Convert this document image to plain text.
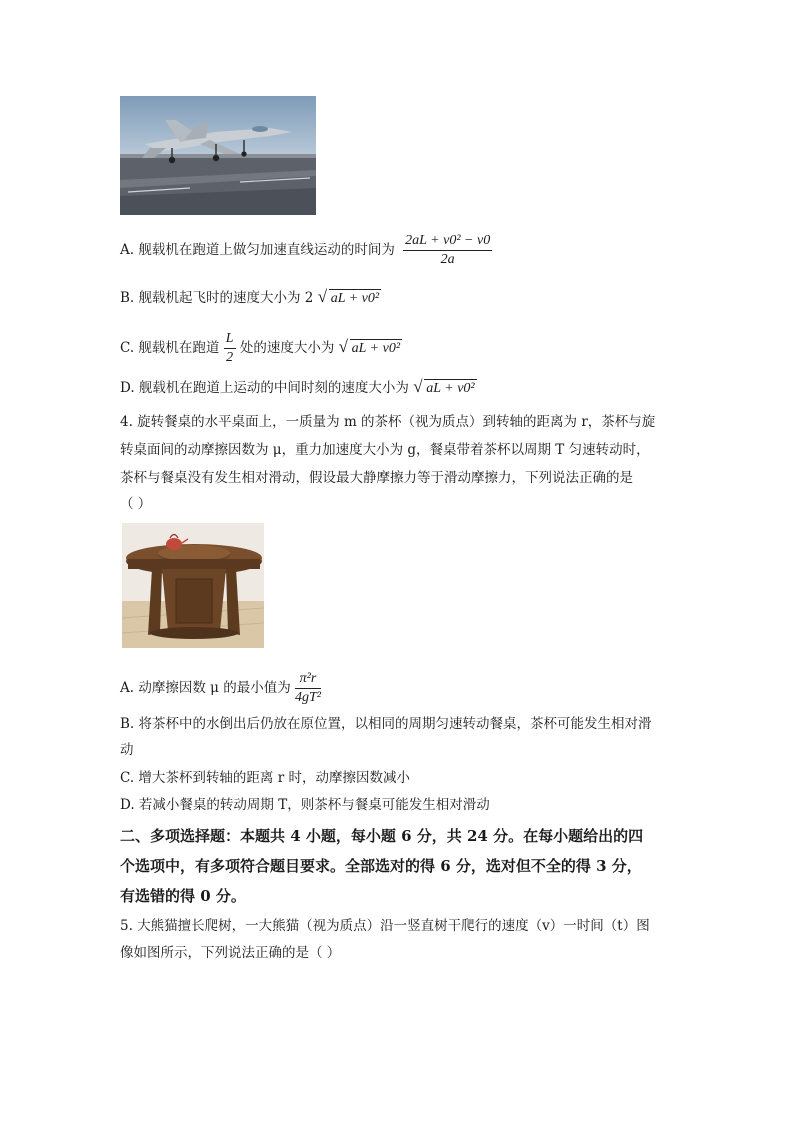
A. 舰载机在跑道上做匀加速直线运动的时间为 $\frac{\text{2aL + v0² − v0}}{2a}$
B. 舰载机起飞时的速度大小为 2 √ aL + v0²
C. 舰载机在跑道 $\frac{L}{2}$ 处的速度大小为 √ aL + v0²
D. 舰载机在跑道上运动的中间时刻的速度大小为 √ aL + v0²
4. 旋转餐桌的水平桌面上，一质量为 m 的茶杯（视为质点）到转轴的距离为 r，茶杯与旋
转桌面间的动摩擦因数为 μ，重力加速度大小为 g，餐桌带着茶杯以周期 T 匀速转动时，
茶杯与餐桌没有发生相对滑动，假设最大静摩擦力等于滑动摩擦力，下列说法正确的是
（ ）
A. 动摩擦因数 μ 的最小值为 $\frac{\text{π²r}}{\text{4gT²}}$
B. 将茶杯中的水倒出后仍放在原位置，以相同的周期匀速转动餐桌，茶杯可能发生相对滑
动
C. 增大茶杯到转轴的距离 r 时，动摩擦因数减小
D. 若减小餐桌的转动周期 T，则茶杯与餐桌可能发生相对滑动
二、多项选择题：本题共 4 小题，每小题 6 分，共 24 分。在每小题给出的四
个选项中，有多项符合题目要求。全部选对的得 6 分，选对但不全的得 3 分，
有选错的得 0 分。
5. 大熊猫擅长爬树，一大熊猫（视为质点）沿一竖直树干爬行的速度（v）一时间（t）图
像如图所示，下列说法正确的是（ ）
